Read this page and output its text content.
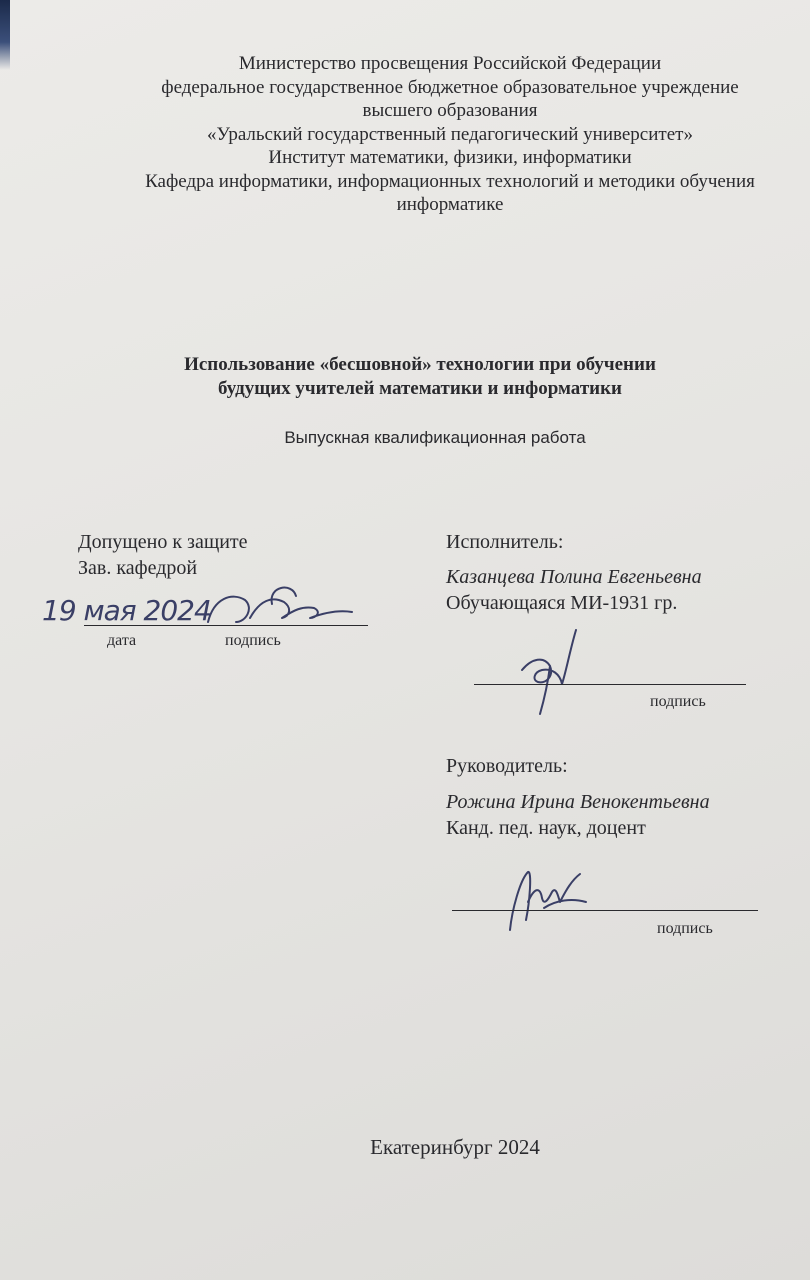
Министерство просвещения Российской Федерации
федеральное государственное бюджетное образовательное учреждение
высшего образования
«Уральский государственный педагогический университет»
Институт математики, физики, информатики
Кафедра информатики, информационных технологий и методики обучения
информатике
Использование «бесшовной» технологии при обучении
будущих учителей математики и информатики
Выпускная квалификационная работа
Допущено к защите
Зав. кафедрой
19 мая 2024
дата	подпись
Исполнитель:
Казанцева Полина Евгеньевна
Обучающаяся МИ-1931 гр.
подпись
Руководитель:
Рожина Ирина Венокентьевна
Канд. пед. наук, доцент
подпись
Екатеринбург 2024
